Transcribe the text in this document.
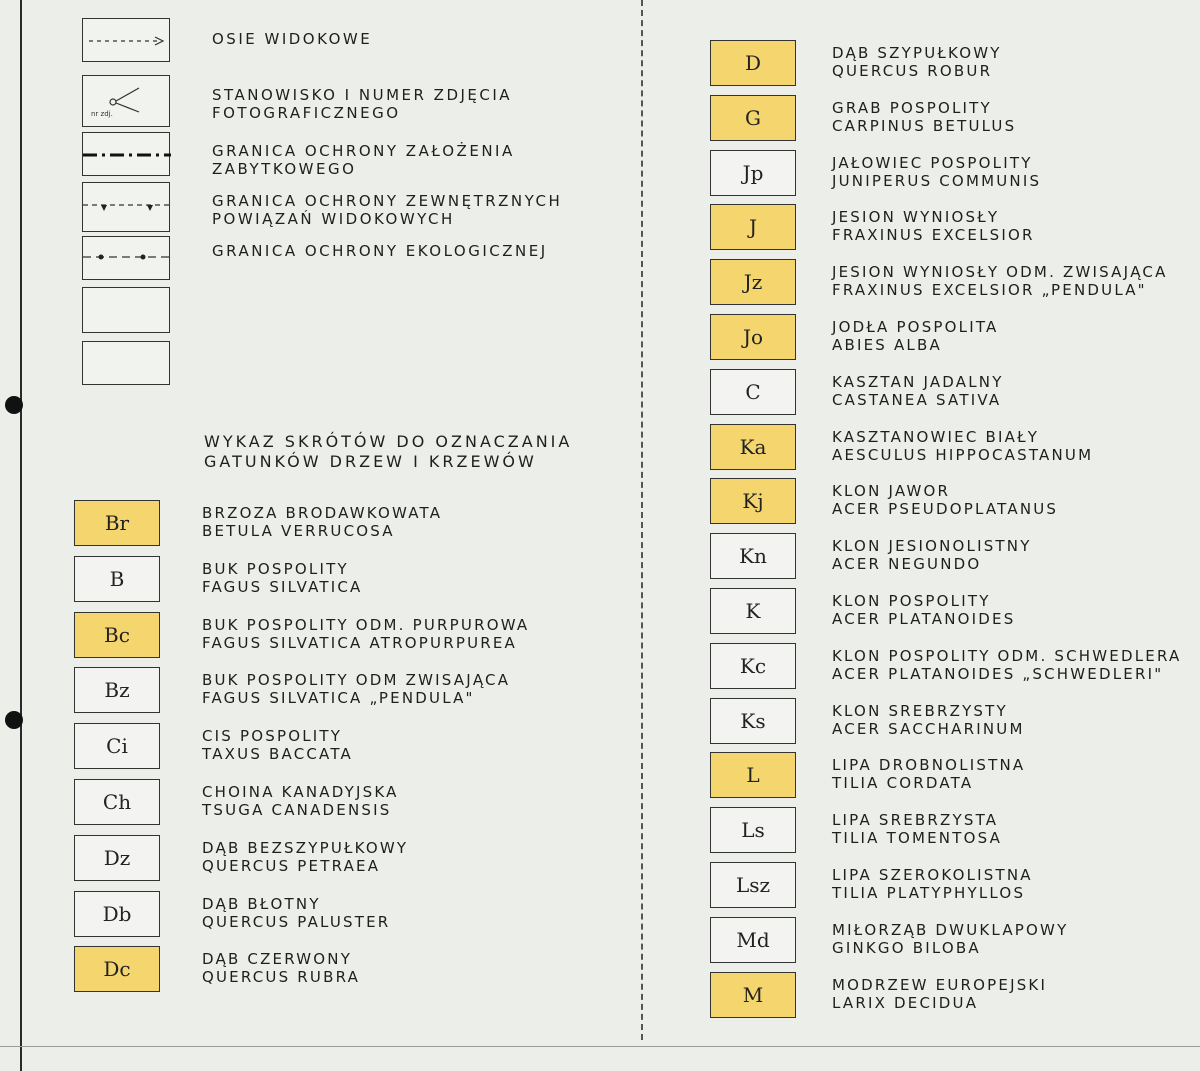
OSIE WIDOKOWE
nr zdj.
STANOWISKO I NUMER ZDJĘCIA
FOTOGRAFICZNEGO
GRANICA OCHRONY ZAŁOŻENIA
ZABYTKOWEGO
GRANICA OCHRONY ZEWNĘTRZNYCH
POWIĄZAŃ WIDOKOWYCH
GRANICA OCHRONY EKOLOGICZNEJ
WYKAZ SKRÓTÓW DO OZNACZANIA
GATUNKÓW DRZEW I KRZEWÓW
Br	BRZOZA BRODAWKOWATA
BETULA VERRUCOSA
B	BUK POSPOLITY
FAGUS SILVATICA
Bc	BUK POSPOLITY ODM. PURPUROWA
FAGUS SILVATICA ATROPURPUREA
Bz	BUK POSPOLITY ODM ZWISAJĄCA
FAGUS SILVATICA „PENDULA"
Ci	CIS POSPOLITY
TAXUS BACCATA
Ch	CHOINA KANADYJSKA
TSUGA CANADENSIS
Dz	DĄB BEZSZYPUŁKOWY
QUERCUS PETRAEA
Db	DĄB BŁOTNY
QUERCUS PALUSTER
Dc	DĄB CZERWONY
QUERCUS RUBRA
D	DĄB SZYPUŁKOWY
QUERCUS ROBUR
G	GRAB POSPOLITY
CARPINUS BETULUS
Jp	JAŁOWIEC POSPOLITY
JUNIPERUS COMMUNIS
J	JESION WYNIOSŁY
FRAXINUS EXCELSIOR
Jz	JESION WYNIOSŁY ODM. ZWISAJĄCA
FRAXINUS EXCELSIOR „PENDULA"
Jo	JODŁA POSPOLITA
ABIES ALBA
C	KASZTAN JADALNY
CASTANEA SATIVA
Ka	KASZTANOWIEC BIAŁY
AESCULUS HIPPOCASTANUM
Kj	KLON JAWOR
ACER PSEUDOPLATANUS
Kn	KLON JESIONOLISTNY
ACER NEGUNDO
K	KLON POSPOLITY
ACER PLATANOIDES
Kc	KLON POSPOLITY ODM. SCHWEDLERA
ACER PLATANOIDES „SCHWEDLERI"
Ks	KLON SREBRZYSTY
ACER SACCHARINUM
L	LIPA DROBNOLISTNA
TILIA CORDATA
Ls	LIPA SREBRZYSTA
TILIA TOMENTOSA
Lsz	LIPA SZEROKOLISTNA
TILIA PLATYPHYLLOS
Md	MIŁORZĄB DWUKLAPOWY
GINKGO BILOBA
M	MODRZEW EUROPEJSKI
LARIX DECIDUA
